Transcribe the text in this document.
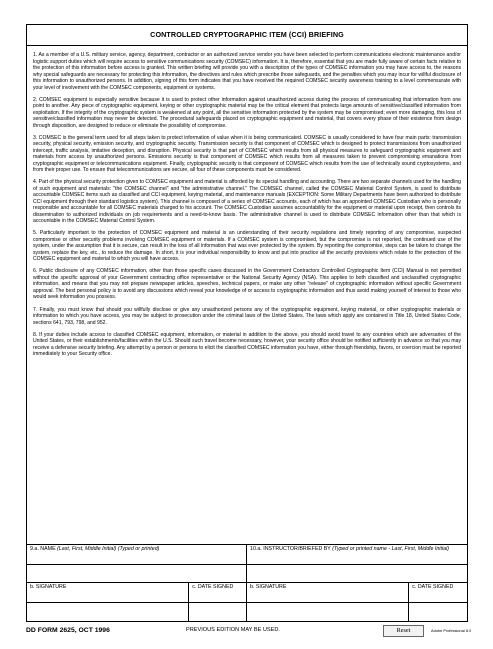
CONTROLLED CRYPTOGRAPHIC ITEM (CCI) BRIEFING

1. As a member of a U.S. military service, agency, department, contractor or an authorized service vendor you have been selected to perform communications electronic maintenance and/or logistic support duties which will require access to sensitive communications security (COMSEC) information. It is, therefore, essential that you are made fully aware of certain facts relative to the protection of this information before access is granted. This written briefing will provide you with a description of the types of COMSEC information you may have access to, the reasons why special safeguards are necessary for protecting this information, the directives and rules which prescribe those safeguards, and the penalties which you may incur for willful disclosure of this information to unauthorized persons. In addition, signing of this form indicates that you have received the required COMSEC security awareness training to a level commensurate with your level of involvement with the COMSEC components, equipment or systems.

2. COMSEC equipment is especially sensitive because it is used to protect other information against unauthorized access during the process of communicating that information from one point to another. Any piece of cryptographic equipment, keying or other cryptographic material may be the critical element that protects large amounts of sensitive/classified information from exploitation. If the integrity of the cryptographic system is weakened at any point, all the sensitive information protected by the system may be compromised; even more damaging, this loss of sensitive/classified information may never be detected. The procedural safeguards placed on cryptographic equipment and material, that covers every phase of their existence from design through disposition, are designed to reduce or eliminate the possibility of compromise.

3. COMSEC is the general term used for all steps taken to protect information of value when it is being communicated. COMSEC is usually considered to have four main parts: transmission security, physical security, emission security, and cryptographic security. Transmission security is that component of COMSEC which is designed to protect transmissions from unauthorized intercept, traffic analysis, imitative deception, and disruption. Physical security is that part of COMSEC which results from all physical measures to safeguard cryptographic equipment and materials from access by unauthorized persons. Emissions security is that component of COMSEC which results from all measures taken to prevent compromising emanations from cryptographic equipment or telecommunications equipment. Finally, cryptographic security is that component of COMSEC which results from the use of technically sound cryptosystems, and from their proper use. To ensure that telecommunications are secure, all four of these components must be considered.

4. Part of the physical security protection given to COMSEC equipment and material is afforded by its special handling and accounting. There are two separate channels used for the handling of such equipment and materials: "the COMSEC channel" and "the administrative channel." The COMSEC channel, called the COMSEC Material Control System, is used to distribute accountable COMSEC items such as classified and CCI equipment, keying material, and maintenance manuals (EXCEPTION: Some Military Departments have been authorized to distribute CCI equipment through their standard logistics system). This channel is composed of a series of COMSEC accounts, each of which has an appointed COMSEC Custodian who is personally responsible and accountable for all COMSEC materials charged to his account. The COMSEC Custodian assumes accountability for the equipment or material upon receipt, then controls its dissemination to authorized individuals on job requirements and a need-to-know basis. The administrative channel is used to distribute COMSEC information other than that which is accountable in the COMSEC Material Control System.

5. Particularly important to the protection of COMSEC equipment and material is an understanding of their security regulations and timely reporting of any compromise, suspected compromise or other security problems involving COMSEC equipment or materials. If a COMSEC system is compromised, but the compromise is not reported, the continued use of the system, under the assumption that it is secure, can result in the loss of all information that was ever protected by the system. By reporting the compromise, steps can be taken to change the system, replace the key, etc., to reduce the damage. In short, it is your individual responsibility to know and put into practice all the security provisions which relate to the protection of the COMSEC equipment and material to which you will have access.

6. Public disclosure of any COMSEC information, other than those specific cases discussed in the Government Contractors Controlled Cryptographic Item (CCI) Manual is not permitted without the specific approval of your Government contracting office representative or the National Security Agency (NSA). This applies to both classified and unclassified cryptographic information, and means that you may not prepare newspaper articles, speeches, technical papers, or make any other "release" of cryptographic information without specific Government approval. The best personal policy is to avoid any discussions which reveal your knowledge of or access to cryptographic information and thus avoid making yourself of interest to those who would seek information you possess.

7. Finally, you must know that should you willfully disclose or give any unauthorized persons any of the cryptographic equipment, keying material, or other cryptographic materials or information to which you have access, you may be subject to prosecution under the criminal laws of the United States. The laws which apply are contained in Title 18, United States Code, sections 641, 793, 798, and 952.

8. If your duties include access to classified COMSEC equipment, information, or material in addition to the above, you should avoid travel to any countries which are adversaries of the United States, or their establishments/facilities within the U.S. Should such travel become necessary, however, your security office should be notified sufficiently in advance so that you may receive a defensive security briefing. Any attempt by a person or persons to elicit the classified COMSEC information you have, either through friendship, favors, or coercion must be reported immediately to your Security office.

9.a. NAME (Last, First, Middle Initial) (Typed or printed)	10.a. INSTRUCTOR/BRIEFED BY (Typed or printed name - Last, First, Middle Initial)
b. SIGNATURE	c. DATE SIGNED	b. SIGNATURE	c. DATE SIGNED
DD FORM 2625, OCT 1996	PREVIOUS EDITION MAY BE USED.	Reset	Adobe Professional 8.0
